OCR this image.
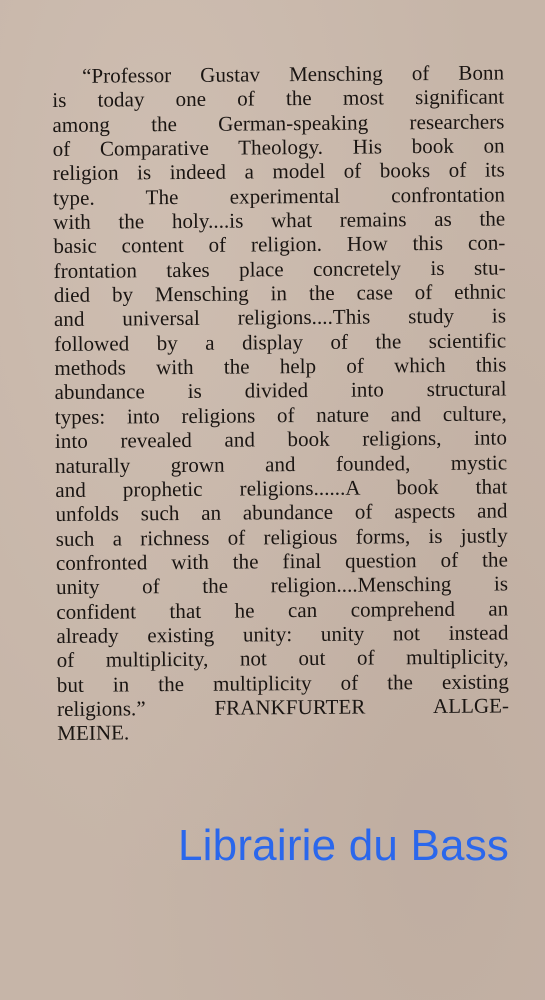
“Professor Gustav Mensching of Bonn
is today one of the most significant
among the German-speaking researchers
of Comparative Theology. His book on
religion is indeed a model of books of its
type. The experimental confrontation
with the holy....is what remains as the
basic content of religion. How this con-
frontation takes place concretely is stu-
died by Mensching in the case of ethnic
and universal religions....This study is
followed by a display of the scientific
methods with the help of which this
abundance is divided into structural
types: into religions of nature and culture,
into revealed and book religions, into
naturally grown and founded, mystic
and prophetic religions......A book that
unfolds such an abundance of aspects and
such a richness of religious forms, is justly
confronted with the final question of the
unity of the religion....Mensching is
confident that he can comprehend an
already existing unity: unity not instead
of multiplicity, not out of multiplicity,
but in the multiplicity of the existing
religions.” FRANKFURTER ALLGE-
MEINE.
Librairie du Bass
